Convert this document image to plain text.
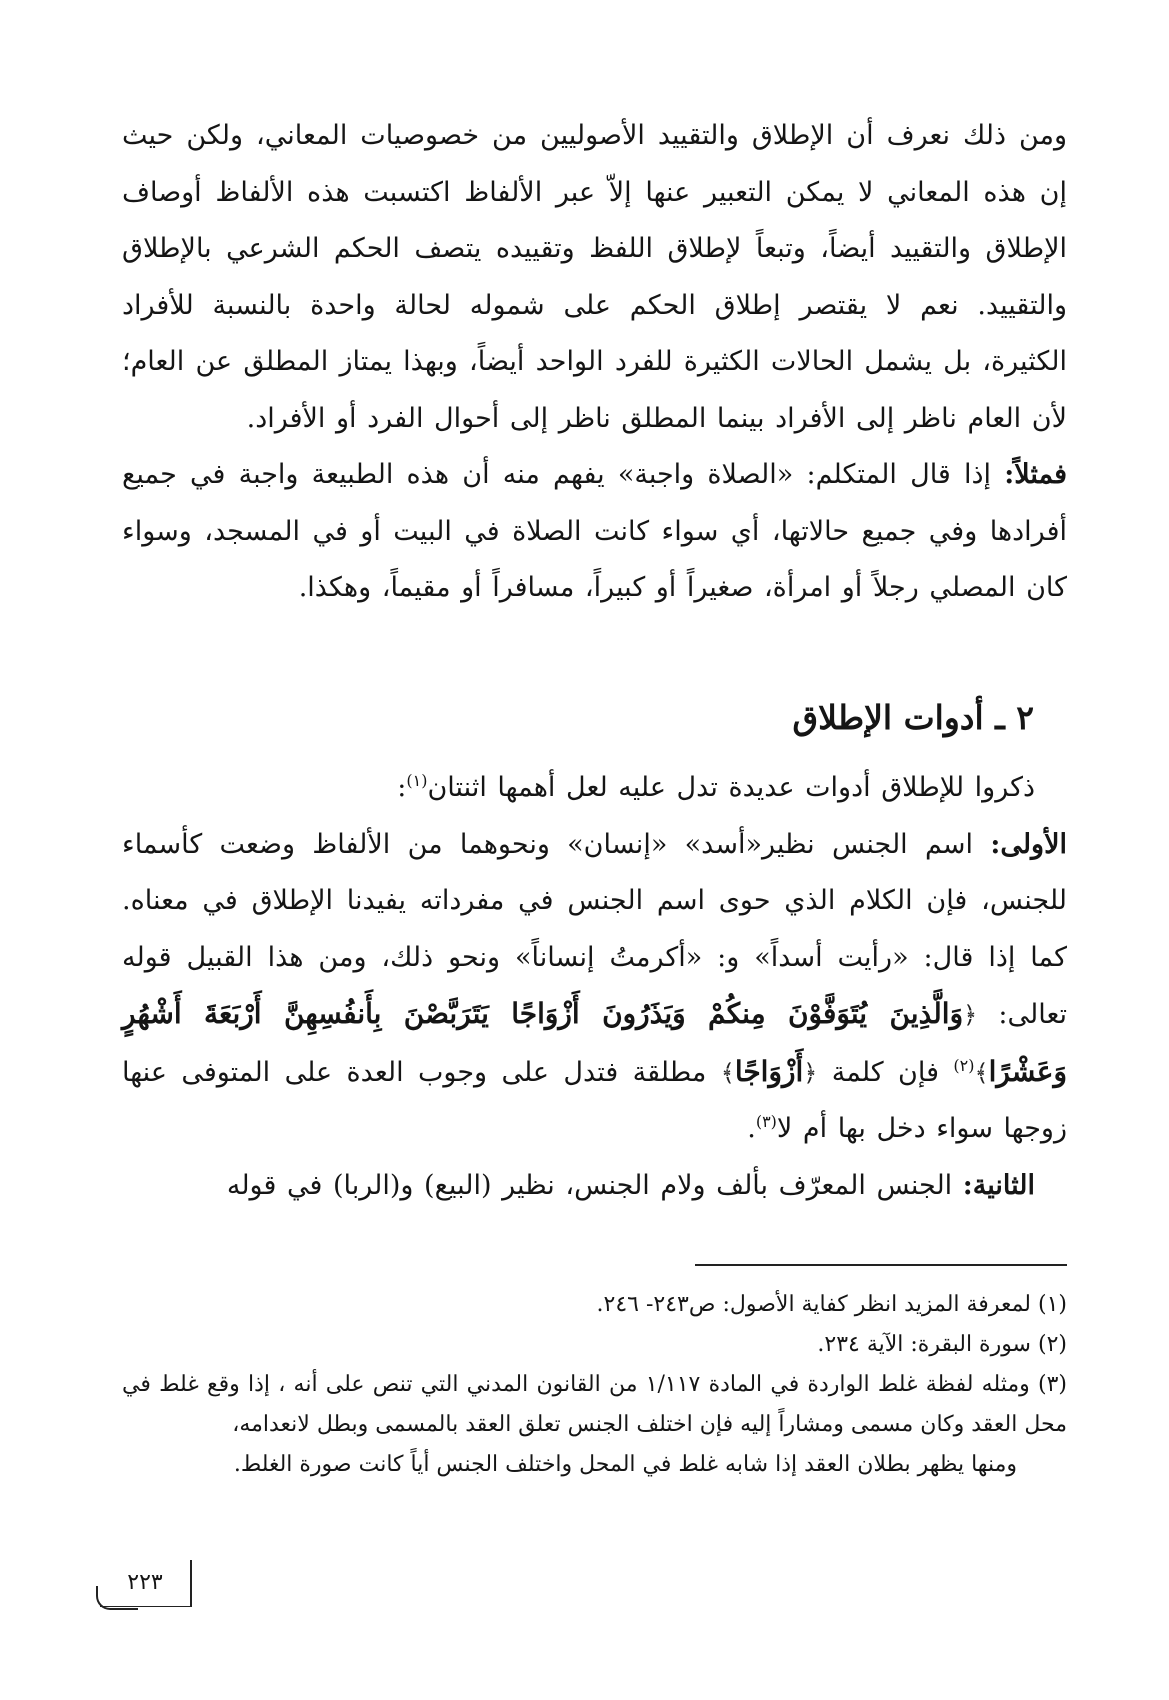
ومن ذلك نعرف أن الإطلاق والتقييد الأصوليين من خصوصيات المعاني، ولكن حيث إن هذه المعاني لا يمكن التعبير عنها إلاّ عبر الألفاظ اكتسبت هذه الألفاظ أوصاف الإطلاق والتقييد أيضاً، وتبعاً لإطلاق اللفظ وتقييده يتصف الحكم الشرعي بالإطلاق والتقييد. نعم لا يقتصر إطلاق الحكم على شموله لحالة واحدة بالنسبة للأفراد الكثيرة، بل يشمل الحالات الكثيرة للفرد الواحد أيضاً، وبهذا يمتاز المطلق عن العام؛ لأن العام ناظر إلى الأفراد بينما المطلق ناظر إلى أحوال الفرد أو الأفراد.

فمثلاً: إذا قال المتكلم: «الصلاة واجبة» يفهم منه أن هذه الطبيعة واجبة في جميع أفرادها وفي جميع حالاتها، أي سواء كانت الصلاة في البيت أو في المسجد، وسواء كان المصلي رجلاً أو امرأة، صغيراً أو كبيراً، مسافراً أو مقيماً، وهكذا.

٢ ـ أدوات الإطلاق

ذكروا للإطلاق أدوات عديدة تدل عليه لعل أهمها اثنتان$^{(١)}$:

الأولى: اسم الجنس نظير«أسد» «إنسان» ونحوهما من الألفاظ وضعت كأسماء للجنس، فإن الكلام الذي حوى اسم الجنس في مفرداته يفيدنا الإطلاق في معناه. كما إذا قال: «رأيت أسداً» و: «أكرمتُ إنساناً» ونحو ذلك، ومن هذا القبيل قوله تعالى: ﴿وَالَّذِينَ يُتَوَفَّوْنَ مِنكُمْ وَيَذَرُونَ أَزْوَاجًا يَتَرَبَّصْنَ بِأَنفُسِهِنَّ أَرْبَعَةَ أَشْهُرٍ وَعَشْرًا﴾$^{(٢)}$ فإن كلمة ﴿أَزْوَاجًا﴾ مطلقة فتدل على وجوب العدة على المتوفى عنها زوجها سواء دخل بها أم لا$^{(٣)}$.

الثانية: الجنس المعرّف بألف ولام الجنس، نظير (البيع) و(الربا) في قوله

(١) لمعرفة المزيد انظر كفاية الأصول: ص٢٤٣- ٢٤٦.

(٢) سورة البقرة: الآية ٢٣٤.

(٣) ومثله لفظة غلط الواردة في المادة ١/١١٧ من القانون المدني التي تنص على أنه ، إذا وقع غلط في محل العقد وكان مسمى ومشاراً إليه فإن اختلف الجنس تعلق العقد بالمسمى وبطل لانعدامه،

ومنها يظهر بطلان العقد إذا شابه غلط في المحل واختلف الجنس أياً كانت صورة الغلط.

٢٢٣
